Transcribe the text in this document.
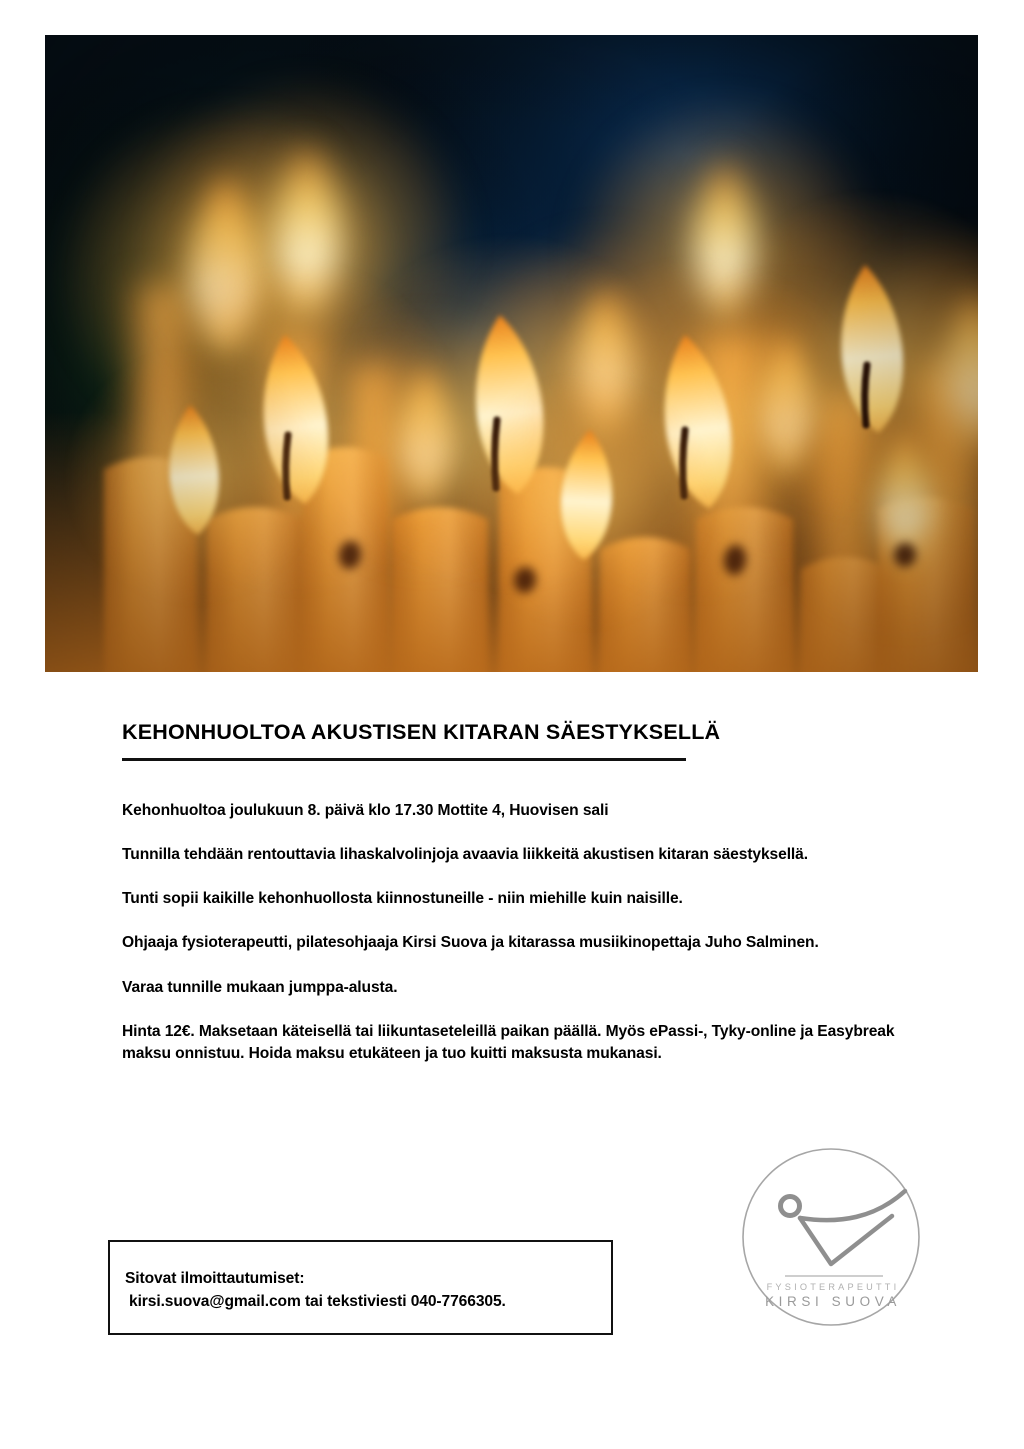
KEHONHUOLTOA AKUSTISEN KITARAN SÄESTYKSELLÄ

Kehonhuoltoa joulukuun 8. päivä klo 17.30 Mottite 4, Huovisen sali

Tunnilla tehdään rentouttavia lihaskalvolinjoja avaavia liikkeitä akustisen kitaran säestyksellä.

Tunti sopii kaikille kehonhuollosta kiinnostuneille - niin miehille kuin naisille.

Ohjaaja fysioterapeutti, pilatesohjaaja Kirsi Suova ja kitarassa musiikinopettaja Juho Salminen.

Varaa tunnille mukaan jumppa-alusta.

Hinta 12€. Maksetaan käteisellä tai liikuntaseteleillä paikan päällä. Myös ePassi-, Tyky-online ja Easybreak maksu onnistuu. Hoida maksu etukäteen ja tuo kuitti maksusta mukanasi.

Sitovat ilmoittautumiset:

kirsi.suova@gmail.com tai tekstiviesti 040-7766305.

FYSIOTERAPEUTTI
KIRSI SUOVA
